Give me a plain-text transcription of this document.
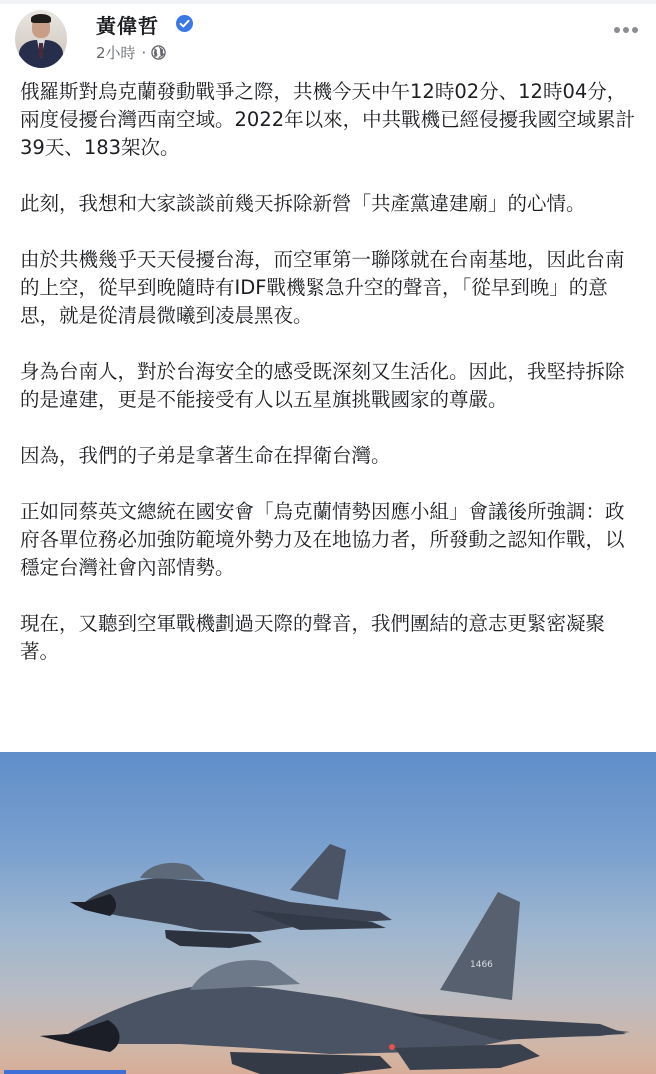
黃偉哲
2小時 ·

俄羅斯對烏克蘭發動戰爭之際，共機今天中午12時02分、12時04分，兩度侵擾台灣西南空域。2022年以來，中共戰機已經侵擾我國空域累計39天、183架次。

此刻，我想和大家談談前幾天拆除新營「共產黨違建廟」的心情。

由於共機幾乎天天侵擾台海，而空軍第一聯隊就在台南基地，因此台南的上空，從早到晚隨時有IDF戰機緊急升空的聲音，「從早到晚」的意思，就是從清晨微曦到凌晨黑夜。

身為台南人，對於台海安全的感受既深刻又生活化。因此，我堅持拆除的是違建，更是不能接受有人以五星旗挑戰國家的尊嚴。

因為，我們的子弟是拿著生命在捍衛台灣。

正如同蔡英文總統在國安會「烏克蘭情勢因應小組」會議後所強調：政府各單位務必加強防範境外勢力及在地協力者，所發動之認知作戰，以穩定台灣社會內部情勢。

現在，又聽到空軍戰機劃過天際的聲音，我們團結的意志更緊密凝聚著。

1466
